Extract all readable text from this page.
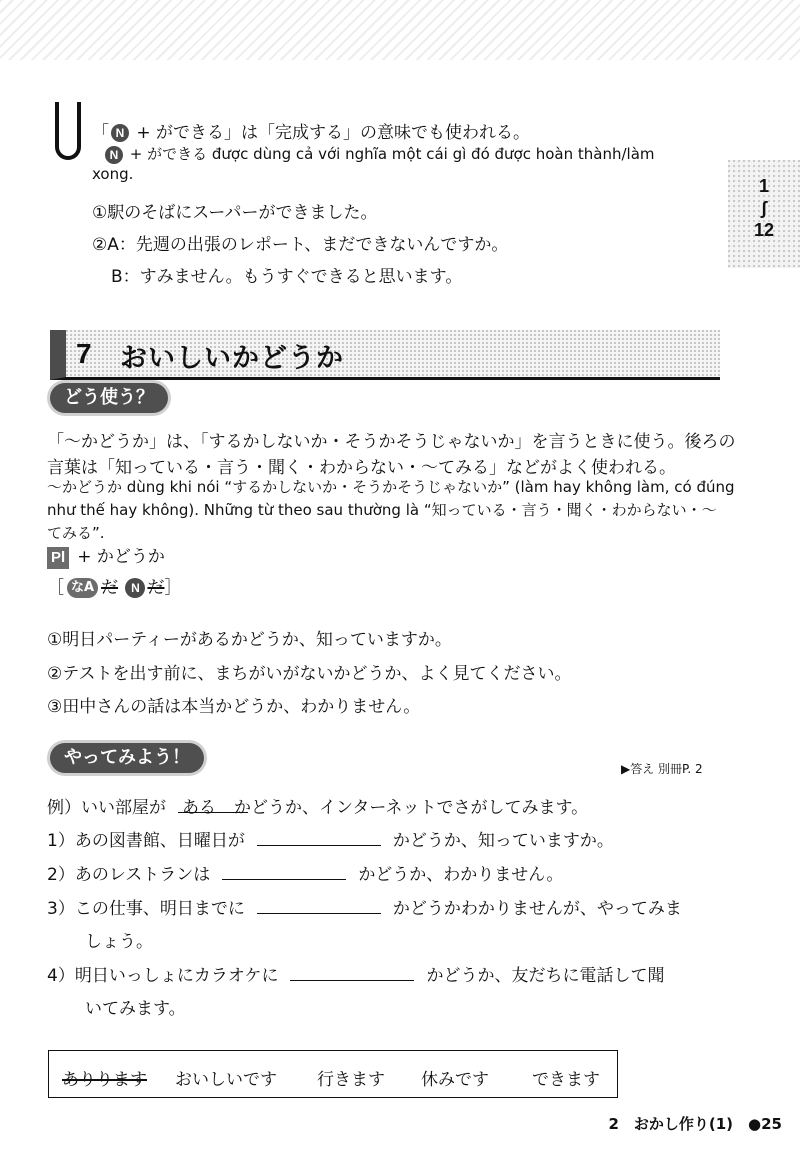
1
∫
12
「 N + ができる」は「完成する」の意味でも使われる。
N + ができる được dùng cả với nghĩa một cái gì đó được hoàn thành/làm
xong.
①駅のそばにスーパーができました。
②A：先週の出張のレポート、まだできないんですか。
B：すみません。もうすぐできると思います。
7 おいしいかどうか
どう使う？
「～かどうか」は、「するかしないか・そうかそうじゃないか」を言うときに使う。後ろの
言葉は「知っている・言う・聞く・わからない・～てみる」などがよく使われる。
～かどうか dùng khi nói “するかしないか・そうかそうじゃないか” (làm hay không làm, có đúng
như thế hay không). Những từ theo sau thường là “知っている・言う・聞く・わからない・～
てみる”.
Pl + かどうか
［ なA だ N だ］
①明日パーティーがあるかどうか、知っていますか。
②テストを出す前に、まちがいがないかどうか、よく見てください。
③田中さんの話は本当かどうか、わかりません。
やってみよう！
▶答え 別冊P. 2
例）いい部屋が ある かどうか、インターネットでさがしてみます。
1）あの図書館、日曜日が	かどうか、知っていますか。
2）あのレストランは	かどうか、わかりません。
3）この仕事、明日までに	かどうかわかりませんが、やってみま
しょう。
4）明日いっしょにカラオケに	かどうか、友だちに電話して聞
いてみます。
ありります おいしいです 行きます 休みです	できます
2　おかし作り(1)　●25
